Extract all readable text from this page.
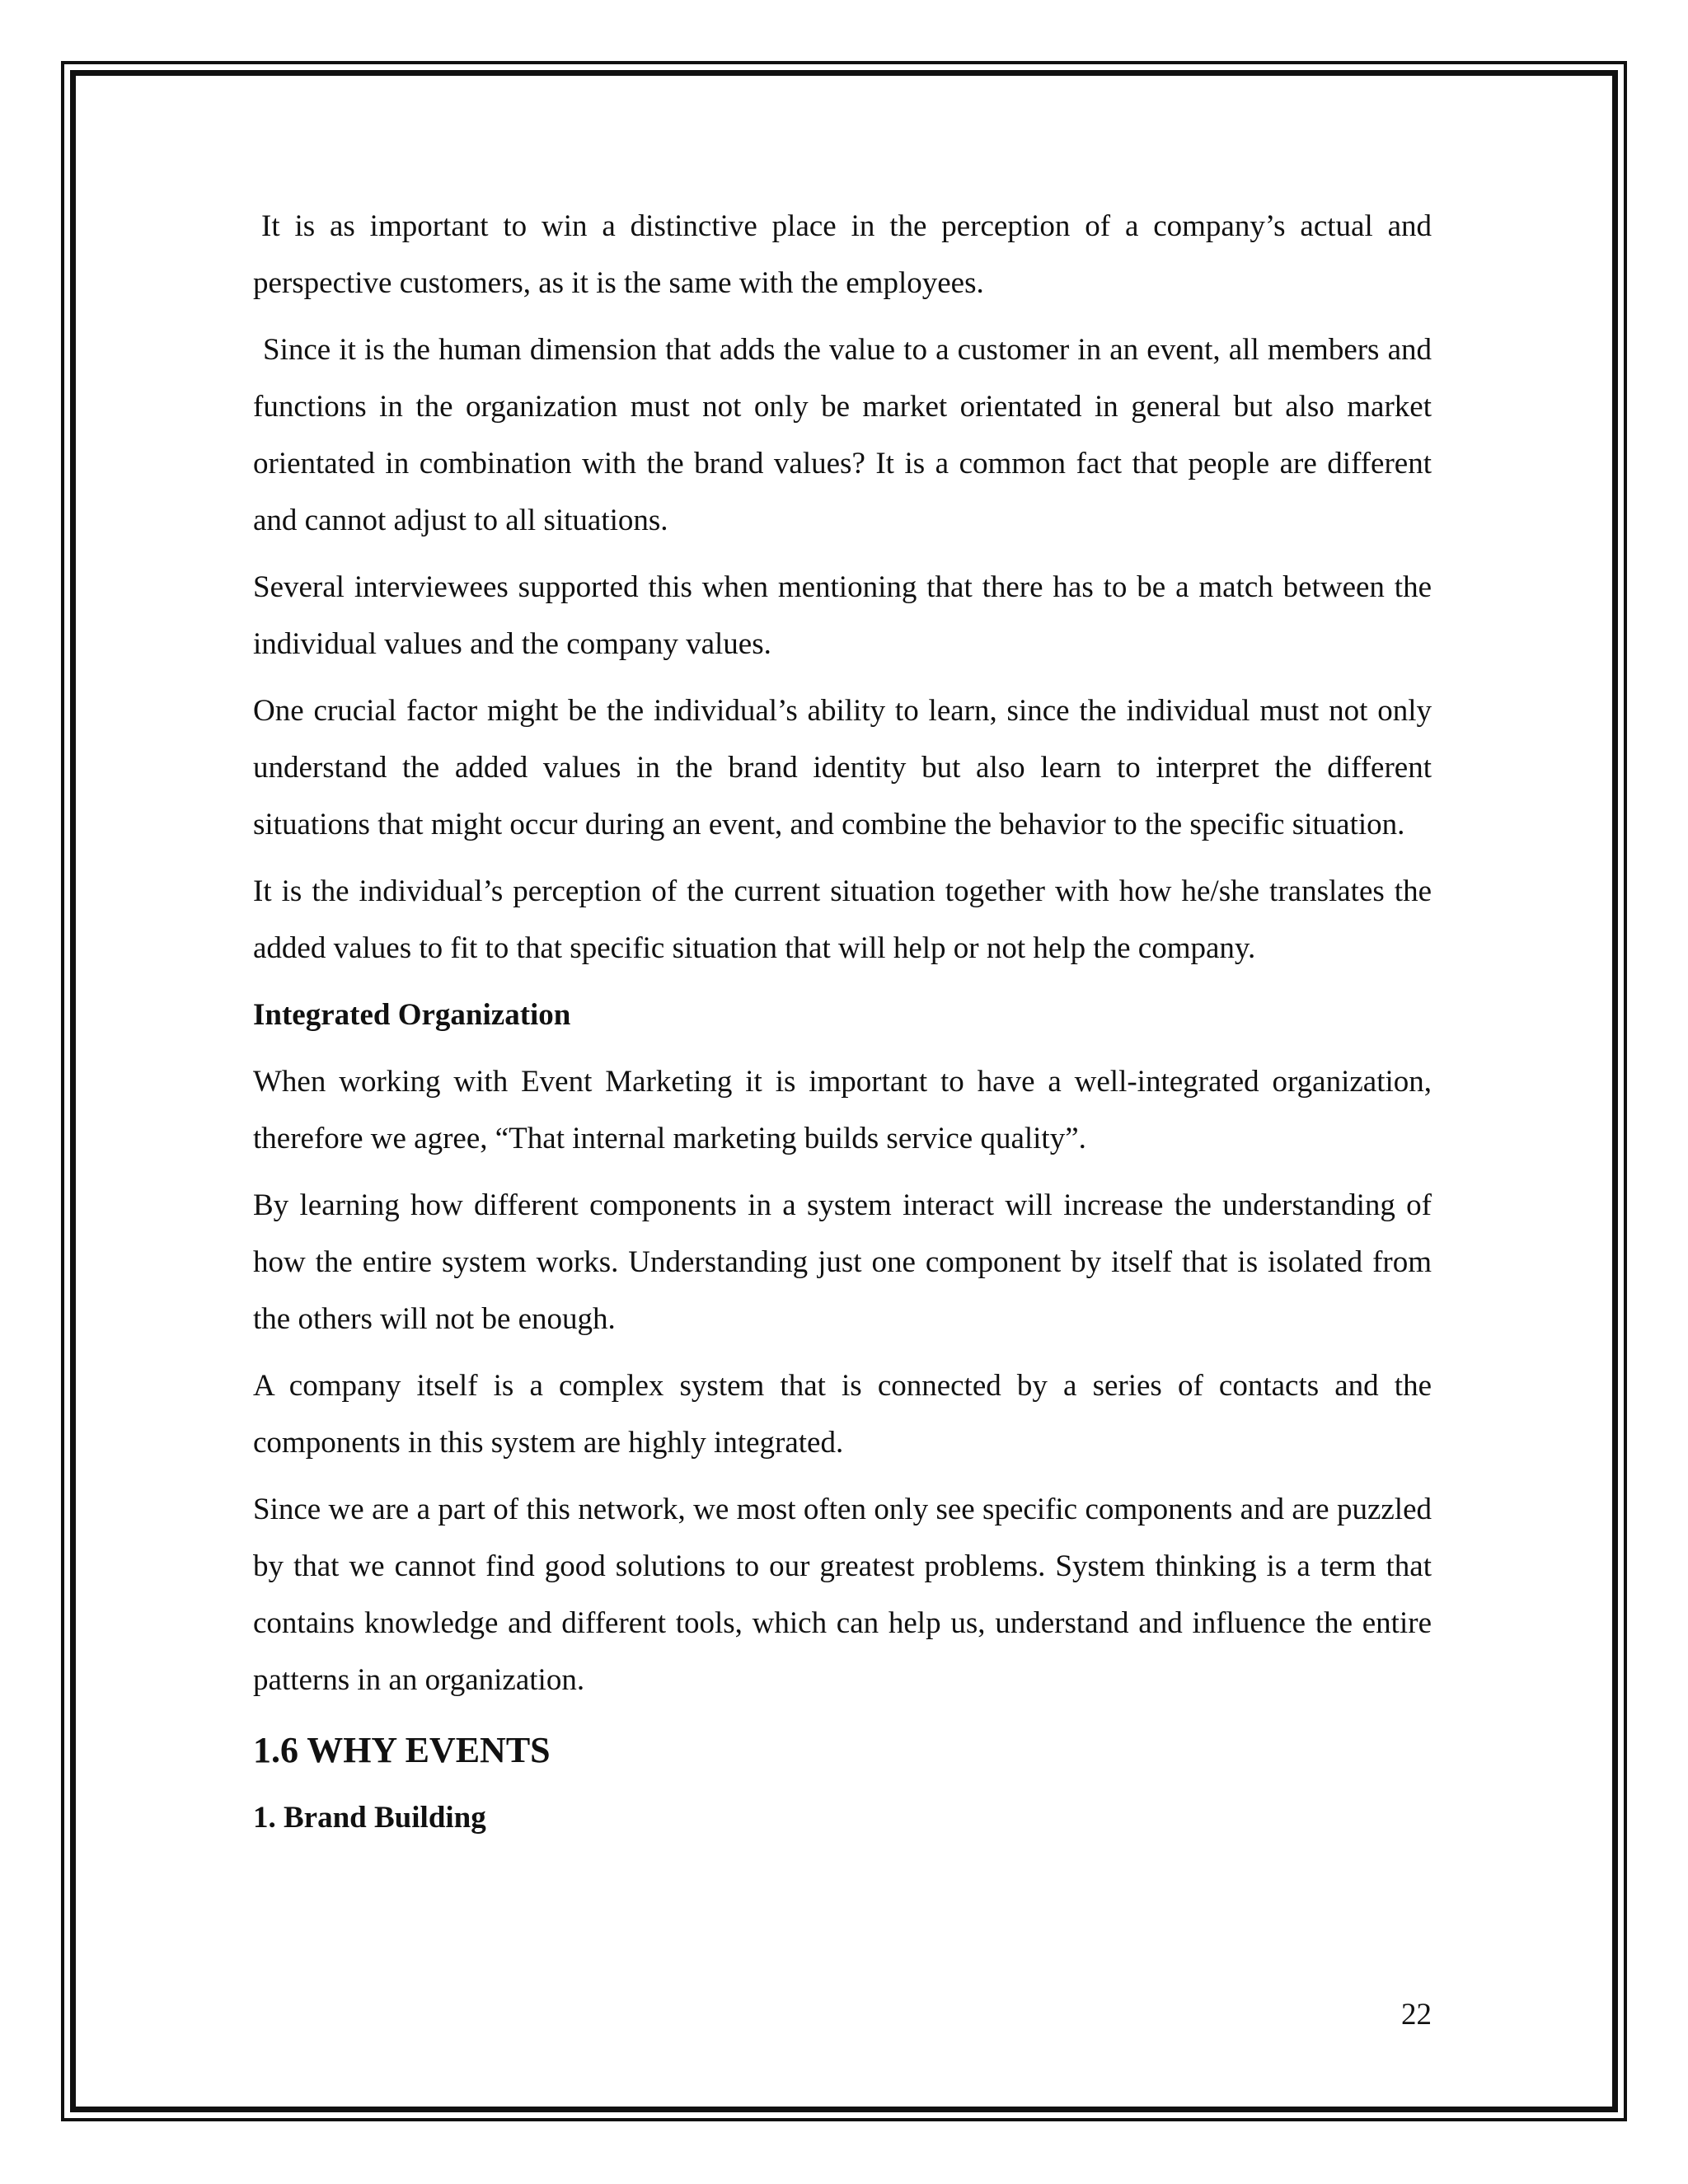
It is as important to win a distinctive place in the perception of a company’s actual and perspective customers, as it is the same with the employees.

Since it is the human dimension that adds the value to a customer in an event, all members and functions in the organization must not only be market orientated in general but also market orientated in combination with the brand values? It is a common fact that people are different and cannot adjust to all situations.

Several interviewees supported this when mentioning that there has to be a match between the individual values and the company values.

One crucial factor might be the individual’s ability to learn, since the individual must not only understand the added values in the brand identity but also learn to interpret the different situations that might occur during an event, and combine the behavior to the specific situation.

It is the individual’s perception of the current situation together with how he/she translates the added values to fit to that specific situation that will help or not help the company.

Integrated Organization

When working with Event Marketing it is important to have a well-integrated organization, therefore we agree, “That internal marketing builds service quality”.

By learning how different components in a system interact will increase the understanding of how the entire system works. Understanding just one component by itself that is isolated from the others will not be enough.

A company itself is a complex system that is connected by a series of contacts and the components in this system are highly integrated.

Since we are a part of this network, we most often only see specific components and are puzzled by that we cannot find good solutions to our greatest problems. System thinking is a term that contains knowledge and different tools, which can help us, understand and influence the entire patterns in an organization.

1.6 WHY EVENTS
1. Brand Building
22
